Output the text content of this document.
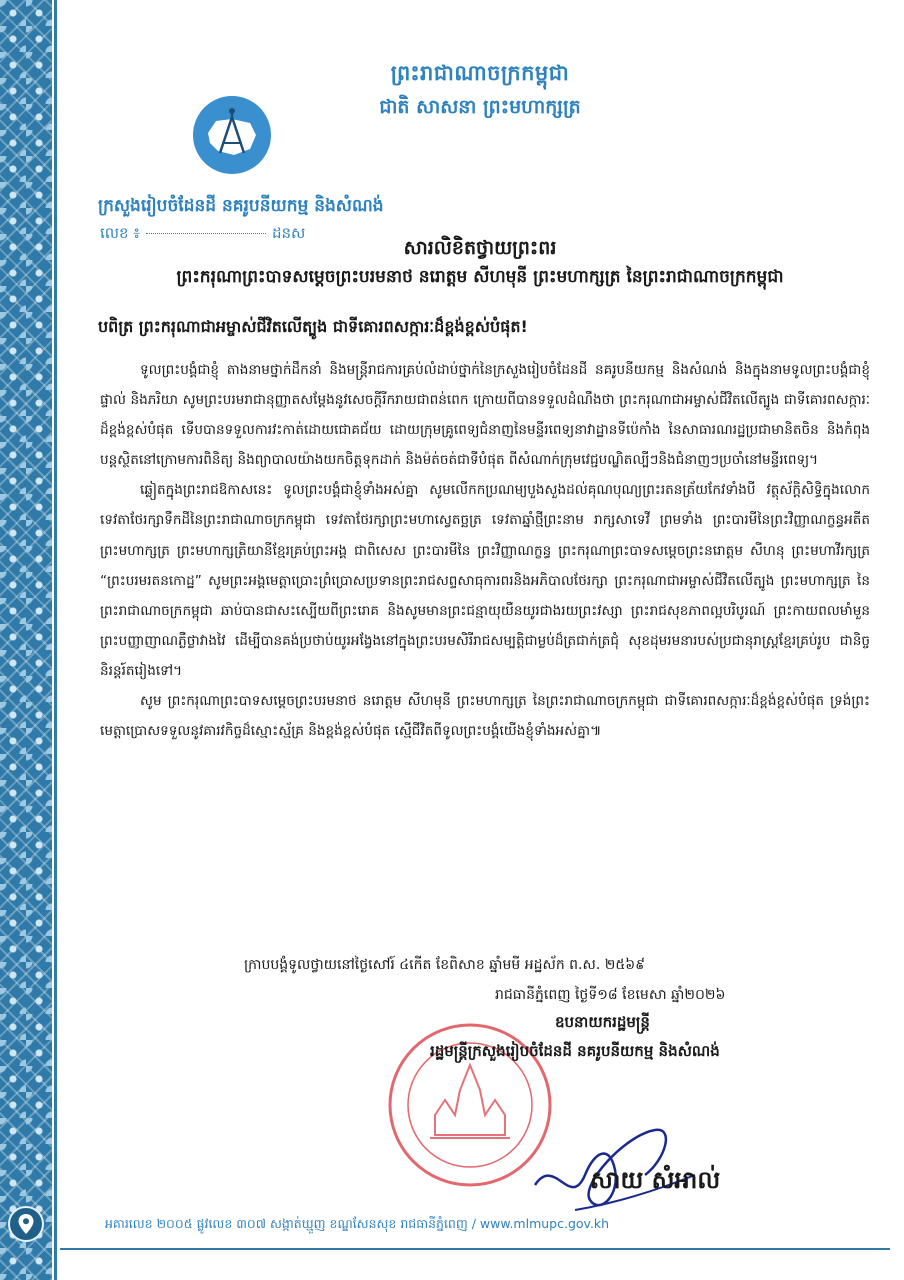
ព្រះរាជាណាចក្រកម្ពុជា
ជាតិ សាសនា ព្រះមហាក្សត្រ
ក្រសួងរៀបចំដែនដី នគរូបនីយកម្ម និងសំណង់
លេខ ៖	ដនស
សារលិខិតថ្វាយព្រះពរ
ព្រះករុណាព្រះបាទសម្តេចព្រះបរមនាថ នរោត្តម សីហមុនី ព្រះមហាក្សត្រ នៃព្រះរាជាណាចក្រកម្ពុជា
បពិត្រ ព្រះករុណាជាអម្ចាស់ជីវិតលើត្បូង ជាទីគោរពសក្ការៈដ៏ខ្ពង់ខ្ពស់បំផុត!

ទូលព្រះបង្គំជាខ្ញុំ តាងនាមថ្នាក់ដឹកនាំ និងមន្ត្រីរាជការគ្រប់លំដាប់ថ្នាក់នៃក្រសួងរៀបចំដែនដី នគរូបនីយកម្ម និងសំណង់ និងក្នុងនាមទូលព្រះបង្គំជាខ្ញុំផ្ទាល់ និងភរិយា សូមព្រះបរមរាជានុញ្ញាតសម្តែងនូវសេចក្តីរីករាយជាពន់ពេក ក្រោយពីបានទទួលដំណឹងថា ព្រះករុណាជាអម្ចាស់ជីវិតលើត្បូង ជាទីគោរពសក្ការៈដ៏ខ្ពង់ខ្ពស់បំផុត ទើបបានទទួលការវះកាត់ដោយជោគជ័យ ដោយក្រុមគ្រូពេទ្យជំនាញនៃមន្ទីរពេទ្យនាវាដ្ឋានទីប៉េកាំង នៃសាធារណរដ្ឋប្រជាមានិតចិន និងកំពុងបន្តស្ថិតនៅក្រោមការពិនិត្យ និងព្យាបាលយ៉ាងយកចិត្តទុកដាក់ និងម៉ត់ចត់ជាទីបំផុត ពីសំណាក់ក្រុមវេជ្ជបណ្ឌិតល្បីៗនិងជំនាញៗប្រចាំនៅមន្ទីរពេទ្យ។

ឆ្លៀតក្នុងព្រះរាជឱកាសនេះ ទូលព្រះបង្គំជាខ្ញុំទាំងអស់គ្នា សូមលើកកប្រណម្យបួងសួងដល់គុណបុណ្យព្រះរតនត្រ័យកែវទាំងបី វត្ថុស័ក្តិសិទ្ធិក្នុងលោក ទេវតាថែរក្សាទឹកដីនៃព្រះរាជាណាចក្រកម្ពុជា ទេវតាថែរក្សាព្រះមហាស្វេតច្ឆត្រ ទេវតាឆ្នាំថ្មីព្រះនាម រាក្សសាទេវី ព្រមទាំង ព្រះបារមីនៃព្រះវិញ្ញាណក្ខន្ធអតីតព្រះមហាក្សត្រ ព្រះមហាក្សត្រិយានីខ្មែរគ្រប់ព្រះអង្គ ជាពិសេស ព្រះបារមីនៃ ព្រះវិញ្ញាណក្ខន្ធ ព្រះករុណាព្រះបាទសម្តេចព្រះនរោត្តម សីហនុ ព្រះមហាវីរក្សត្រ “ព្រះបរមរតនកោដ្ឋ” សូមព្រះអង្គមេត្តាប្រោះព្រំប្រោសប្រទានព្រះរាជសព្ទសាធុការពរនិងអភិបាលថែរក្សា ព្រះករុណាជាអម្ចាស់ជីវិតលើត្បូង ព្រះមហាក្សត្រ នៃព្រះរាជាណាចក្រកម្ពុជា ឆាប់បានជាសះស្បើយពីព្រះរោគ និងសូមមានព្រះជន្មាយុយឺនយូរជាងរយព្រះវស្សា ព្រះរាជសុខភាពល្អបរិបូរណ៍ ព្រះកាយពលមាំមួន ព្រះបញ្ញាញាណភ្លឺថ្លាវាងវៃ ដើម្បីបានគង់ប្រថាប់យូរអង្វែងនៅក្នុងព្រះបរមសិរីរាជសម្បត្តិជាម្លប់ដ៏ត្រជាក់ត្រជុំ សុខដុមរមនារបស់ប្រជានុរាស្ត្រខ្មែរគ្រប់រូប ជានិច្ចនិរន្តរ៍តរៀងទៅ។

សូម ព្រះករុណាព្រះបាទសម្តេចព្រះបរមនាថ នរោត្តម សីហមុនី ព្រះមហាក្សត្រ នៃព្រះរាជាណាចក្រកម្ពុជា ជាទីគោរពសក្ការៈដ៏ខ្ពង់ខ្ពស់បំផុត ទ្រង់ព្រះមេត្តាប្រោសទទួលនូវគារវកិច្ចដ៏ស្មោះស្ម័គ្រ និងខ្ពង់ខ្ពស់បំផុត ស្មើជីវិតពីទូលព្រះបង្គំយើងខ្ញុំទាំងអស់គ្នា៕

ក្រាបបង្គំទូលថ្វាយនៅថ្ងៃសៅរ៍ ៤កើត ខែពិសាខ ឆ្នាំមមី អដ្ឋស័ក ព.ស. ២៥៦៩
រាជធានីភ្នំពេញ ថ្ងៃទី១៨ ខែមេសា ឆ្នាំ២០២៦
ឧបនាយករដ្ឋមន្ត្រី
រដ្ឋមន្ត្រីក្រសួងរៀបចំដែនដី នគរូបនីយកម្ម និងសំណង់
សាយ សំអាល់
អគារលេខ ២០០៥ ផ្លូវលេខ ៣០៧ សង្កាត់ឃ្មួញ ខណ្ឌសែនសុខ រាជធានីភ្នំពេញ / www.mlmupc.gov.kh
